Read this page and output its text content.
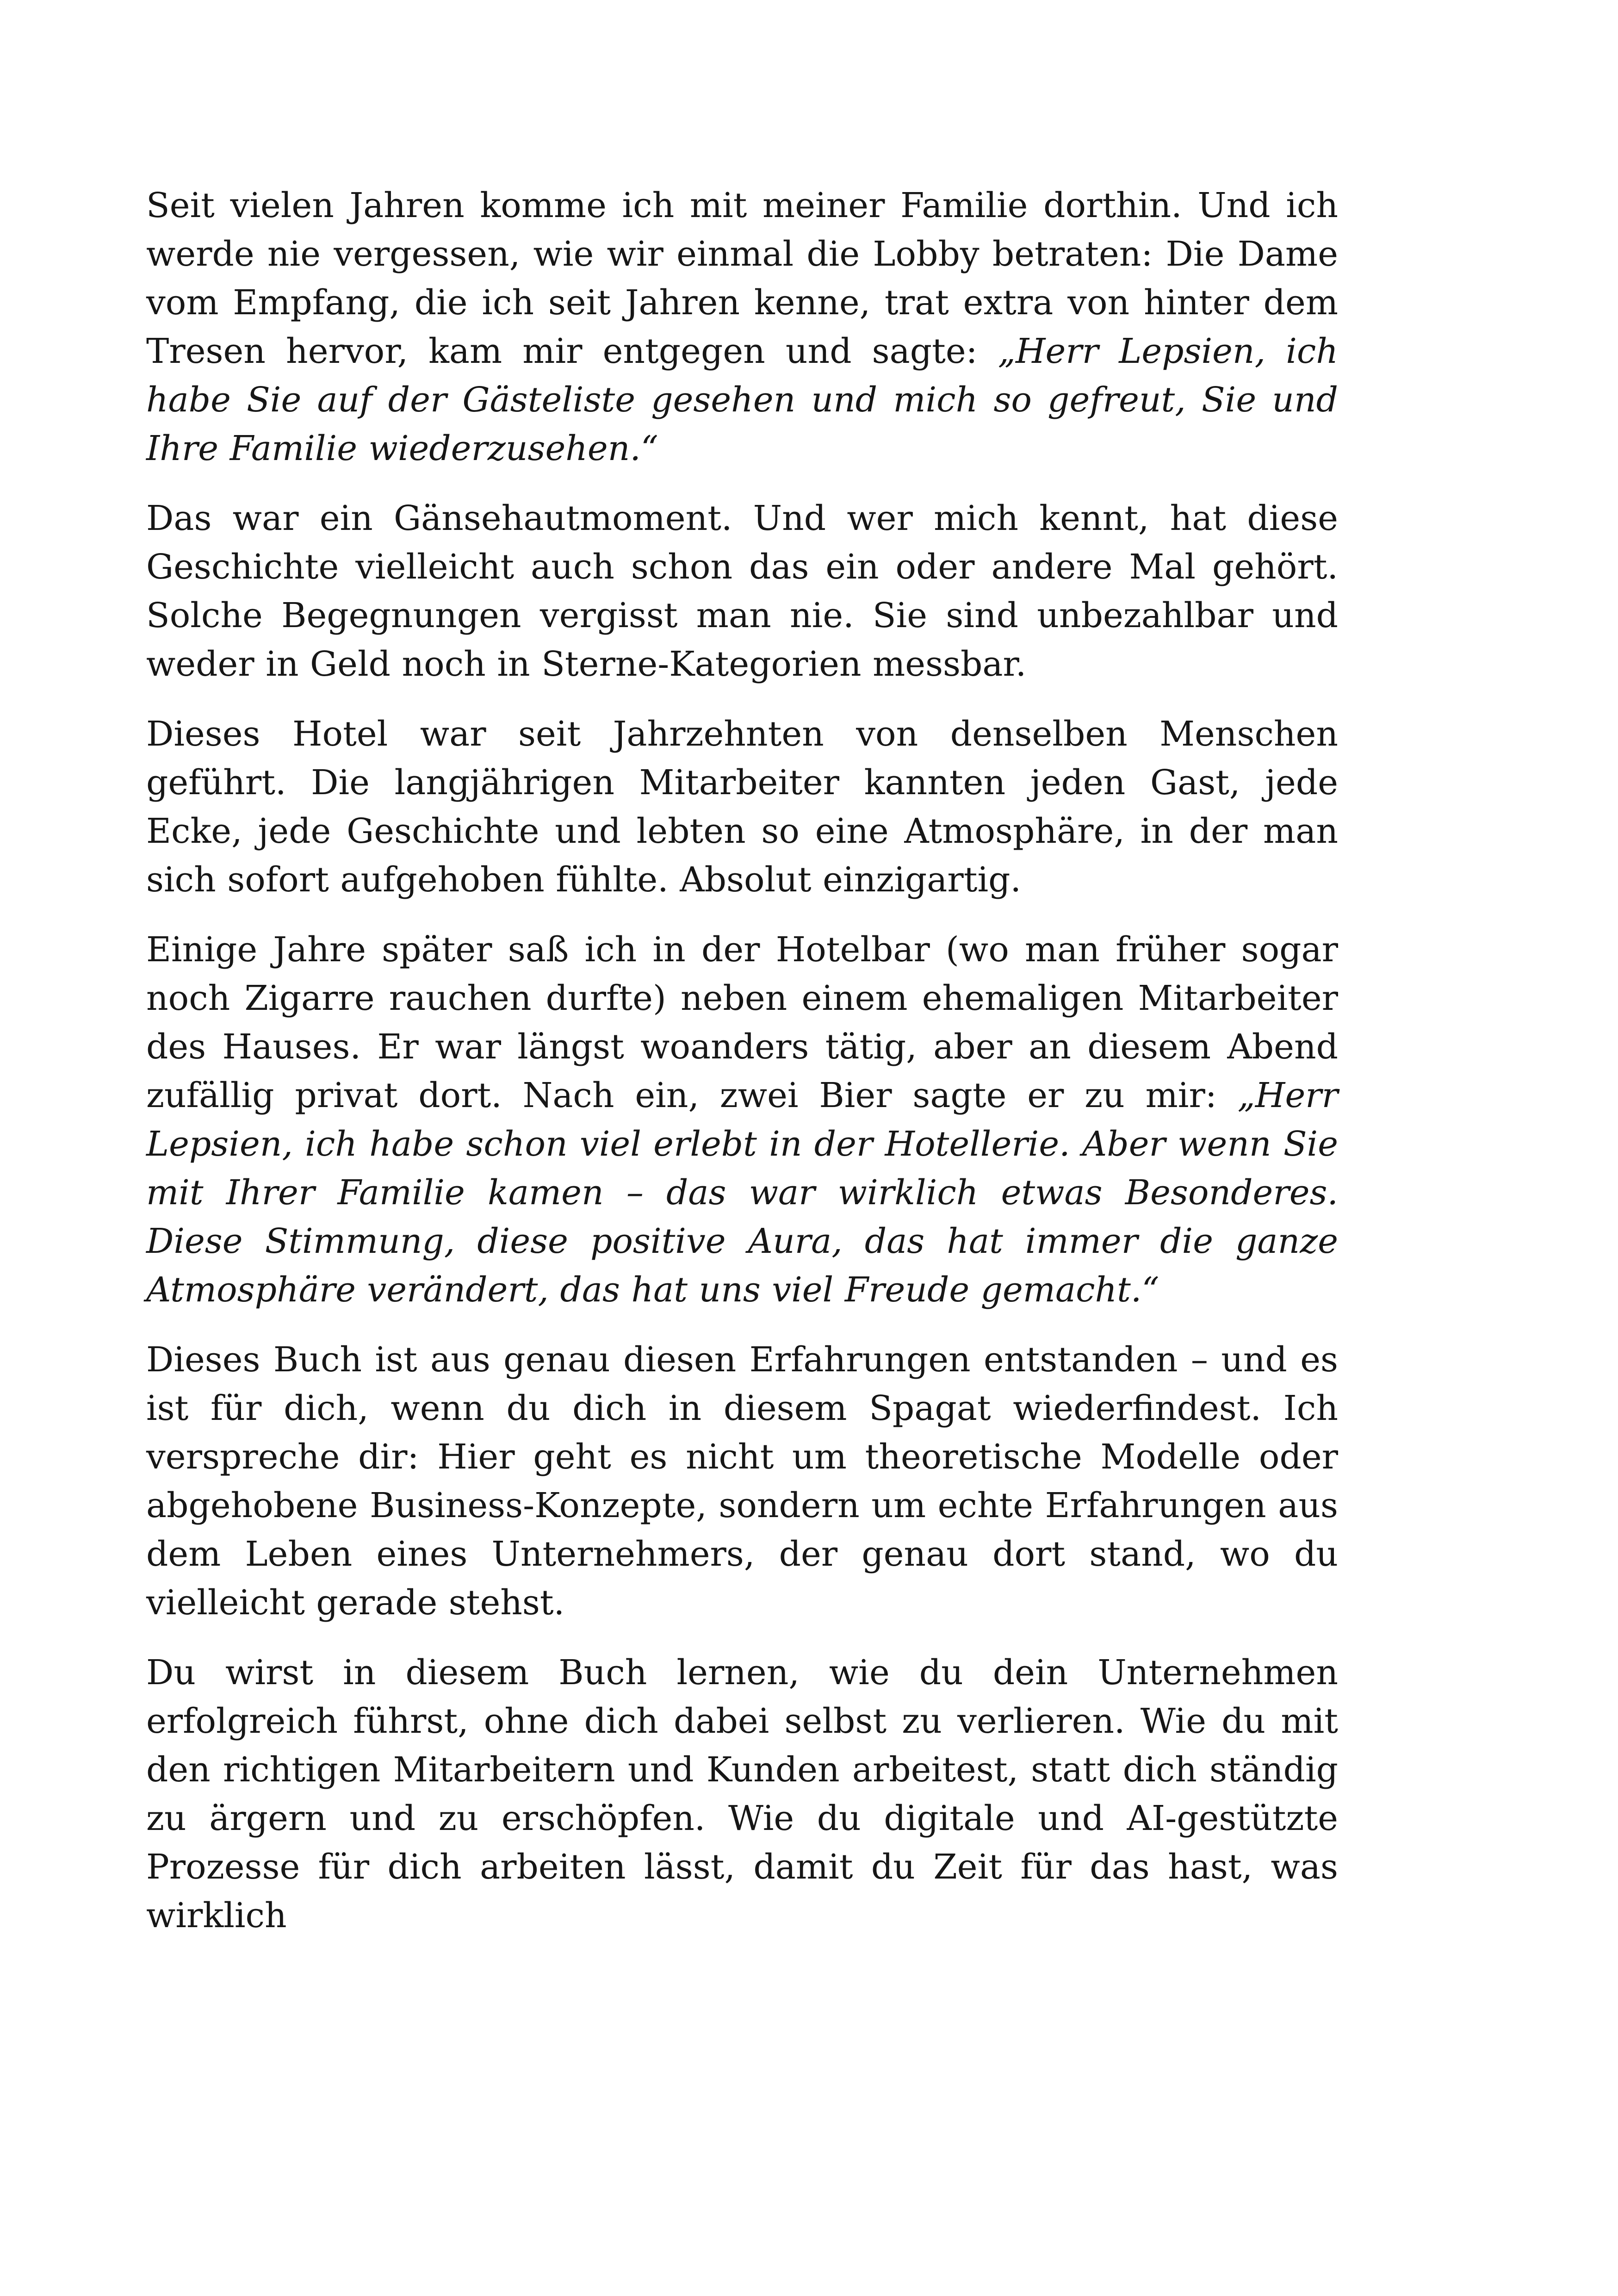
Seit vielen Jahren komme ich mit meiner Familie dorthin. Und ich werde nie vergessen, wie wir einmal die Lobby betraten: Die Dame vom Empfang, die ich seit Jahren kenne, trat extra von hinter dem Tresen hervor, kam mir entgegen und sagte: „Herr Lepsien, ich habe Sie auf der Gästeliste gesehen und mich so gefreut, Sie und Ihre Familie wiederzusehen.“

Das war ein Gänsehautmoment. Und wer mich kennt, hat diese Geschichte vielleicht auch schon das ein oder andere Mal gehört. Solche Begegnungen vergisst man nie. Sie sind unbezahlbar und weder in Geld noch in Sterne-Kategorien messbar.

Dieses Hotel war seit Jahrzehnten von denselben Menschen geführt. Die langjährigen Mitarbeiter kannten jeden Gast, jede Ecke, jede Geschichte und lebten so eine Atmosphäre, in der man sich sofort aufgehoben fühlte. Absolut einzigartig.

Einige Jahre später saß ich in der Hotelbar (wo man früher sogar noch Zigarre rauchen durfte) neben einem ehemaligen Mitarbeiter des Hauses. Er war längst woanders tätig, aber an diesem Abend zufällig privat dort. Nach ein, zwei Bier sagte er zu mir: „Herr Lepsien, ich habe schon viel erlebt in der Hotellerie. Aber wenn Sie mit Ihrer Familie kamen – das war wirklich etwas Besonderes. Diese Stimmung, diese positive Aura, das hat immer die ganze Atmosphäre verändert, das hat uns viel Freude gemacht.“

Dieses Buch ist aus genau diesen Erfahrungen entstanden – und es ist für dich, wenn du dich in diesem Spagat wiederfindest. Ich verspreche dir: Hier geht es nicht um theoretische Modelle oder abgehobene Business-Konzepte, sondern um echte Erfahrungen aus dem Leben eines Unternehmers, der genau dort stand, wo du vielleicht gerade stehst.

Du wirst in diesem Buch lernen, wie du dein Unternehmen erfolgreich führst, ohne dich dabei selbst zu verlieren. Wie du mit den richtigen Mitarbeitern und Kunden arbeitest, statt dich ständig zu ärgern und zu erschöpfen. Wie du digitale und AI-gestützte Prozesse für dich arbeiten lässt, damit du Zeit für das hast, was wirklich
